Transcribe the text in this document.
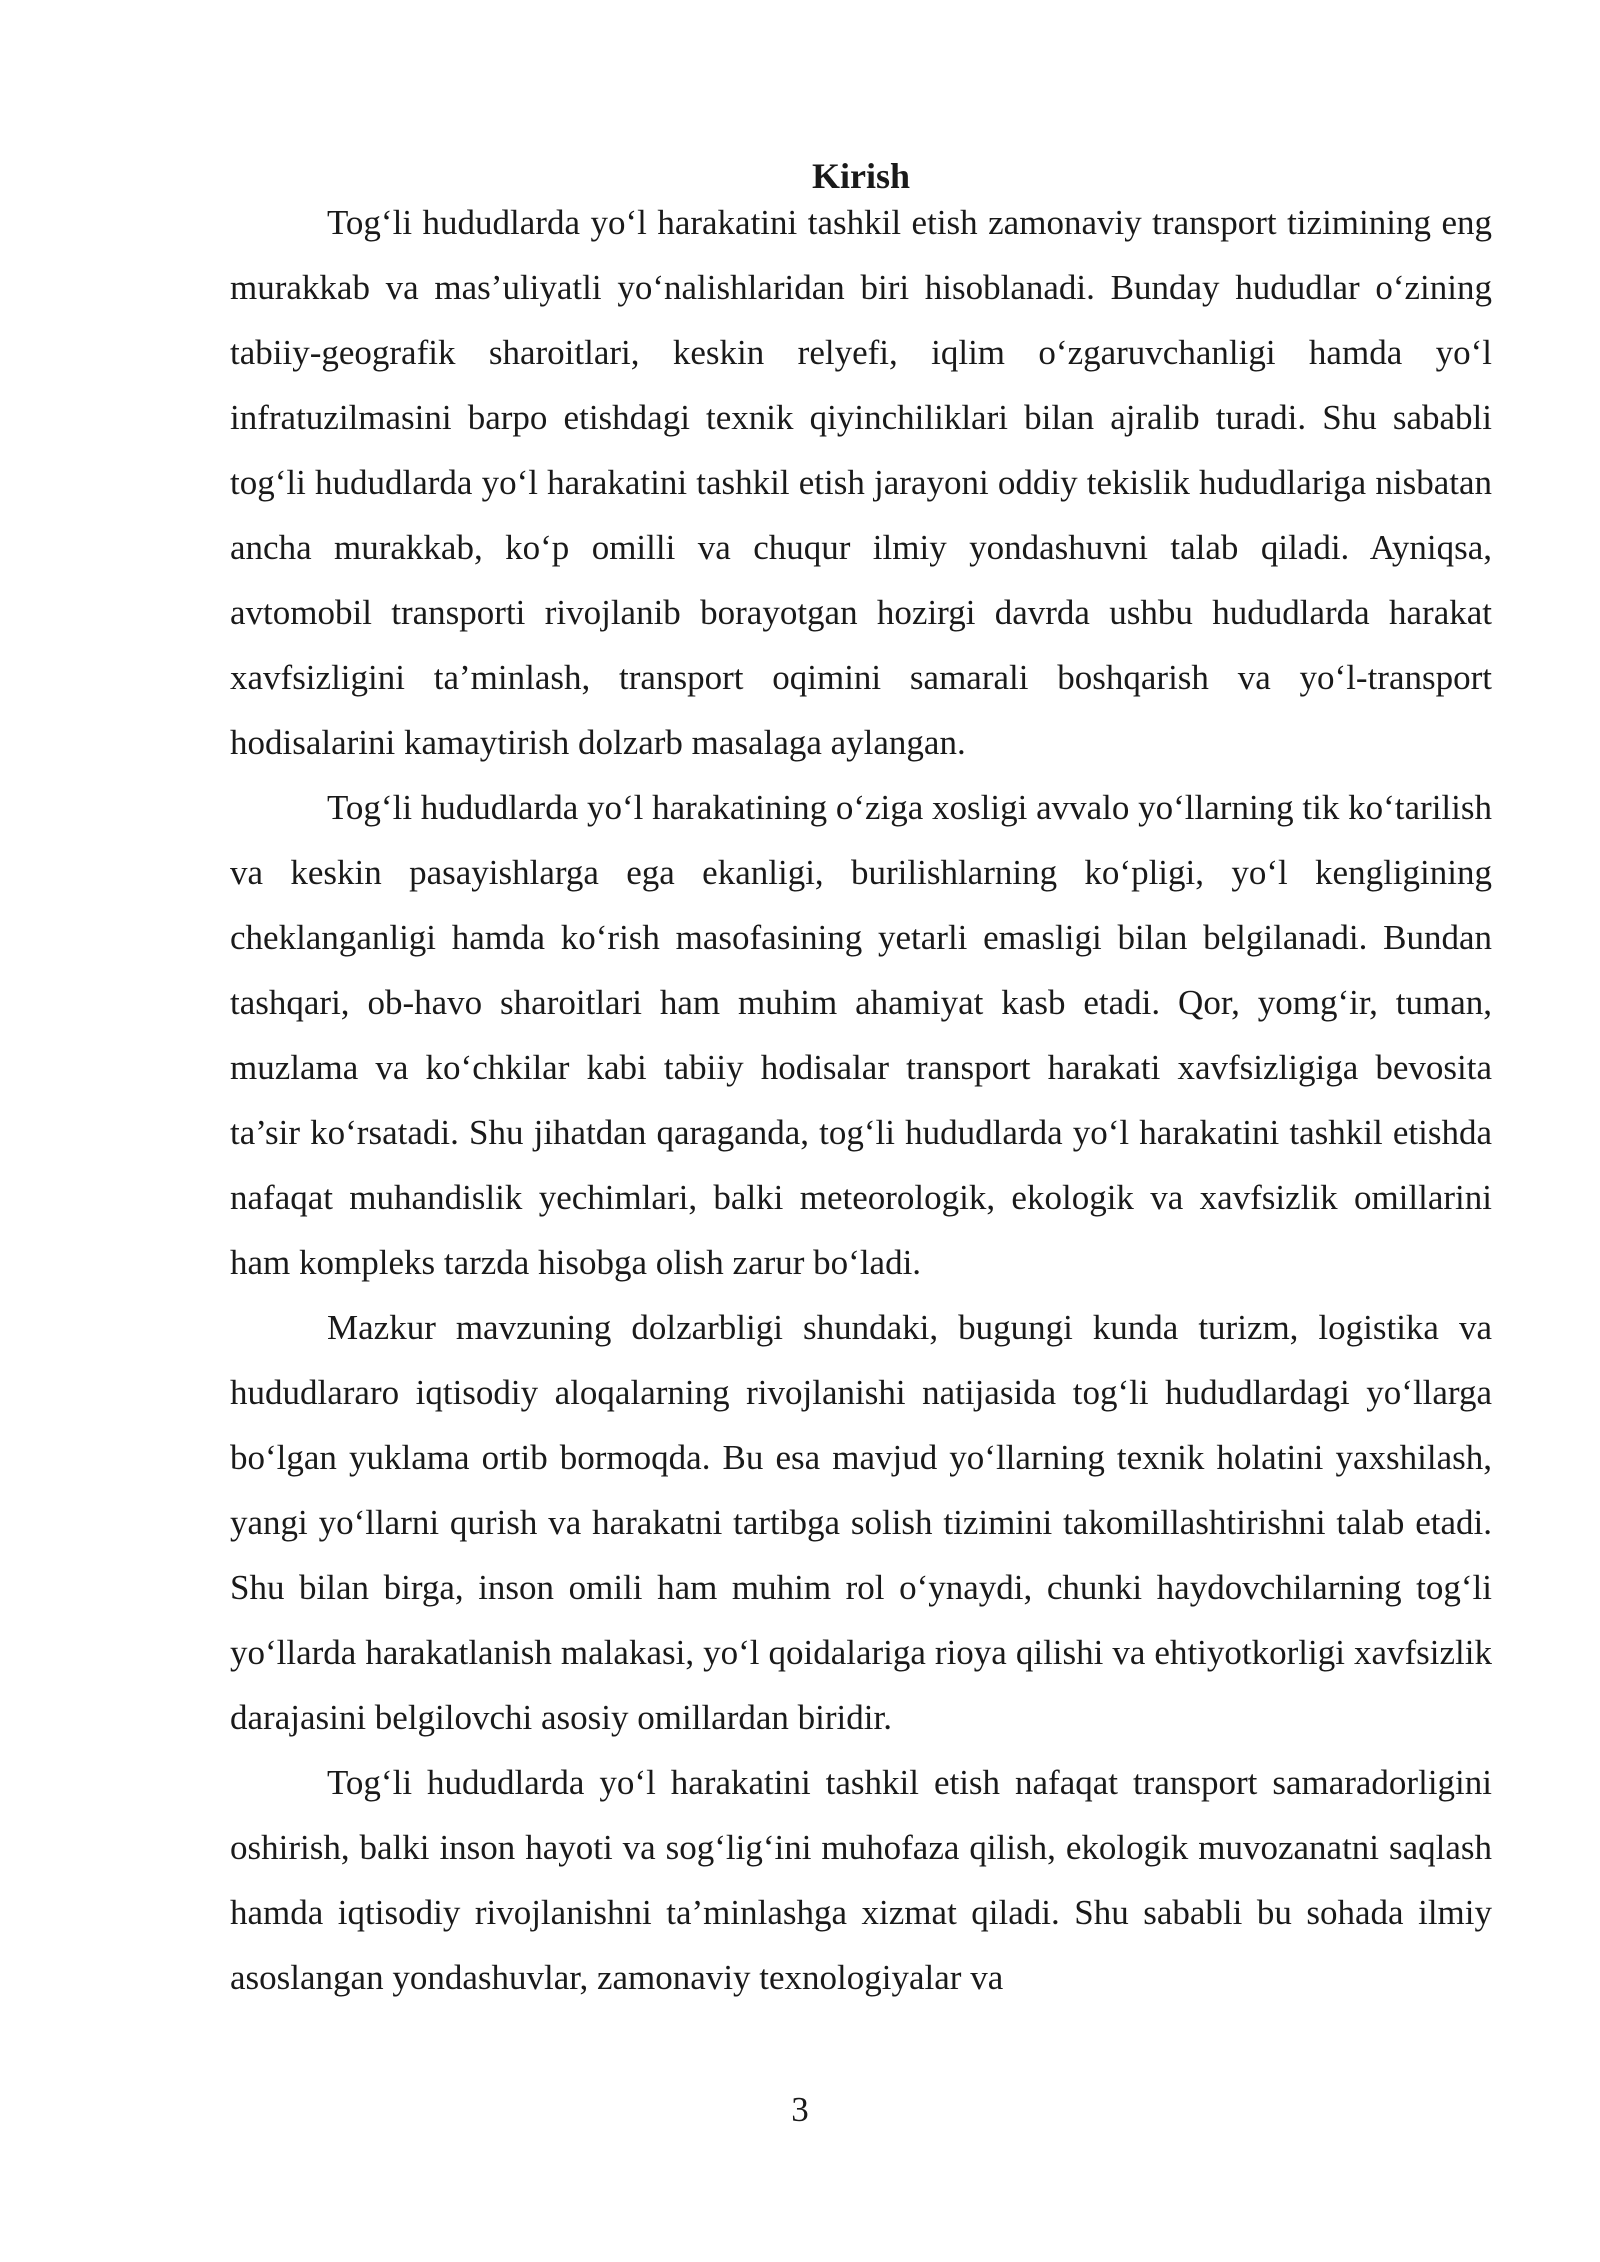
Kirish

Tog‘li hududlarda yo‘l harakatini tashkil etish zamonaviy transport tizimining eng murakkab va mas’uliyatli yo‘nalishlaridan biri hisoblanadi. Bunday hududlar o‘zining tabiiy-geografik sharoitlari, keskin relyefi, iqlim o‘zgaruvchanligi hamda yo‘l infratuzilmasini barpo etishdagi texnik qiyinchiliklari bilan ajralib turadi. Shu sababli tog‘li hududlarda yo‘l harakatini tashkil etish jarayoni oddiy tekislik hududlariga nisbatan ancha murakkab, ko‘p omilli va chuqur ilmiy yondashuvni talab qiladi. Ayniqsa, avtomobil transporti rivojlanib borayotgan hozirgi davrda ushbu hududlarda harakat xavfsizligini ta’minlash, transport oqimini samarali boshqarish va yo‘l-transport hodisalarini kamaytirish dolzarb masalaga aylangan.

Tog‘li hududlarda yo‘l harakatining o‘ziga xosligi avvalo yo‘llarning tik ko‘tarilish va keskin pasayishlarga ega ekanligi, burilishlarning ko‘pligi, yo‘l kengligining cheklanganligi hamda ko‘rish masofasining yetarli emasligi bilan belgilanadi. Bundan tashqari, ob-havo sharoitlari ham muhim ahamiyat kasb etadi. Qor, yomg‘ir, tuman, muzlama va ko‘chkilar kabi tabiiy hodisalar transport harakati xavfsizligiga bevosita ta’sir ko‘rsatadi. Shu jihatdan qaraganda, tog‘li hududlarda yo‘l harakatini tashkil etishda nafaqat muhandislik yechimlari, balki meteorologik, ekologik va xavfsizlik omillarini ham kompleks tarzda hisobga olish zarur bo‘ladi.

Mazkur mavzuning dolzarbligi shundaki, bugungi kunda turizm, logistika va hududlararo iqtisodiy aloqalarning rivojlanishi natijasida tog‘li hududlardagi yo‘llarga bo‘lgan yuklama ortib bormoqda. Bu esa mavjud yo‘llarning texnik holatini yaxshilash, yangi yo‘llarni qurish va harakatni tartibga solish tizimini takomillashtirishni talab etadi. Shu bilan birga, inson omili ham muhim rol o‘ynaydi, chunki haydovchilarning tog‘li yo‘llarda harakatlanish malakasi, yo‘l qoidalariga rioya qilishi va ehtiyotkorligi xavfsizlik darajasini belgilovchi asosiy omillardan biridir.

Tog‘li hududlarda yo‘l harakatini tashkil etish nafaqat transport samaradorligini oshirish, balki inson hayoti va sog‘lig‘ini muhofaza qilish, ekologik muvozanatni saqlash hamda iqtisodiy rivojlanishni ta’minlashga xizmat qiladi. Shu sababli bu sohada ilmiy asoslangan yondashuvlar, zamonaviy texnologiyalar va

3
